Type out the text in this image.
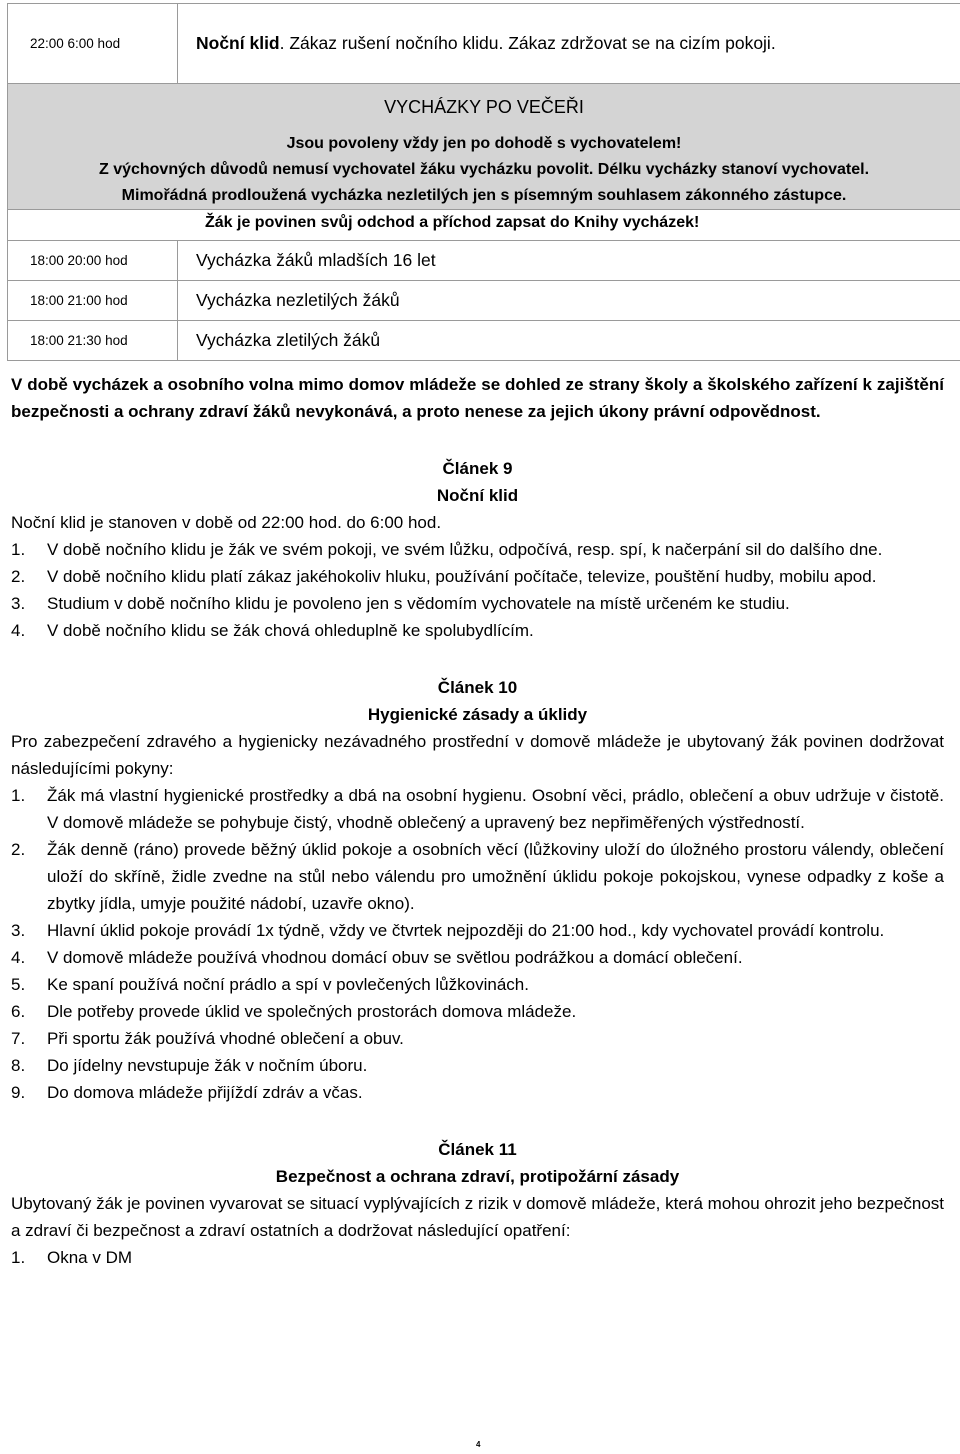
22:00 6:00 hod	Noční klid. Zákaz rušení nočního klidu. Zákaz zdržovat se na cizím pokoji.

VYCHÁZKY PO VEČEŘI
Jsou povoleny vždy jen po dohodě s vychovatelem!
Z výchovných důvodů nemusí vychovatel žáku vycházku povolit. Délku vycházky stanoví vychovatel.
Mimořádná prodloužená vycházka nezletilých jen s písemným souhlasem zákonného zástupce.	

Žák je povinen svůj odchod a příchod zapsat do Knihy vycházek!	

18:00 20:00 hod	Vycházka žáků mladších 16 let
18:00 21:00 hod	Vycházka nezletilých žáků
18:00 21:30 hod	Vycházka zletilých žáků

V době vycházek a osobního volna mimo domov mládeže se dohled ze strany školy a školského zařízení k zajištění bezpečnosti a ochrany zdraví žáků nevykonává, a proto nenese za jejich úkony právní odpovědnost.

Článek 9
Noční klid

Noční klid je stanoven v době od 22:00 hod. do 6:00 hod.

1. V době nočního klidu je žák ve svém pokoji, ve svém lůžku, odpočívá, resp. spí, k načerpání sil do dalšího dne.
2. V době nočního klidu platí zákaz jakéhokoliv hluku, používání počítače, televize, pouštění hudby, mobilu apod.
3. Studium v době nočního klidu je povoleno jen s vědomím vychovatele na místě určeném ke studiu.
4. V době nočního klidu se žák chová ohleduplně ke spolubydlícím.
Článek 10
Hygienické zásady a úklidy

Pro zabezpečení zdravého a hygienicky nezávadného prostřední v domově mládeže je ubytovaný žák povinen dodržovat následujícími pokyny:

1. Žák má vlastní hygienické prostředky a dbá na osobní hygienu. Osobní věci, prádlo, oblečení a obuv udržuje v čistotě. V domově mládeže se pohybuje čistý, vhodně oblečený a upravený bez nepřiměřených výstředností.
2. Žák denně (ráno) provede běžný úklid pokoje a osobních věcí (lůžkoviny uloží do úložného prostoru válendy, oblečení uloží do skříně, židle zvedne na stůl nebo válendu pro umožnění úklidu pokoje pokojskou, vynese odpadky z koše a zbytky jídla, umyje použité nádobí, uzavře okno).
3. Hlavní úklid pokoje provádí 1x týdně, vždy ve čtvrtek nejpozději do 21:00 hod., kdy vychovatel provádí kontrolu.
4. V domově mládeže používá vhodnou domácí obuv se světlou podrážkou a domácí oblečení.
5. Ke spaní používá noční prádlo a spí v povlečených lůžkovinách.
6. Dle potřeby provede úklid ve společných prostorách domova mládeže.
7. Při sportu žák používá vhodné oblečení a obuv.
8. Do jídelny nevstupuje žák v nočním úboru.
9. Do domova mládeže přijíždí zdráv a včas.
Článek 11
Bezpečnost a ochrana zdraví, protipožární zásady

Ubytovaný žák je povinen vyvarovat se situací vyplývajících z rizik v domově mládeže, která mohou ohrozit jeho bezpečnost a zdraví či bezpečnost a zdraví ostatních a dodržovat následující opatření:

1. Okna v DM
4
